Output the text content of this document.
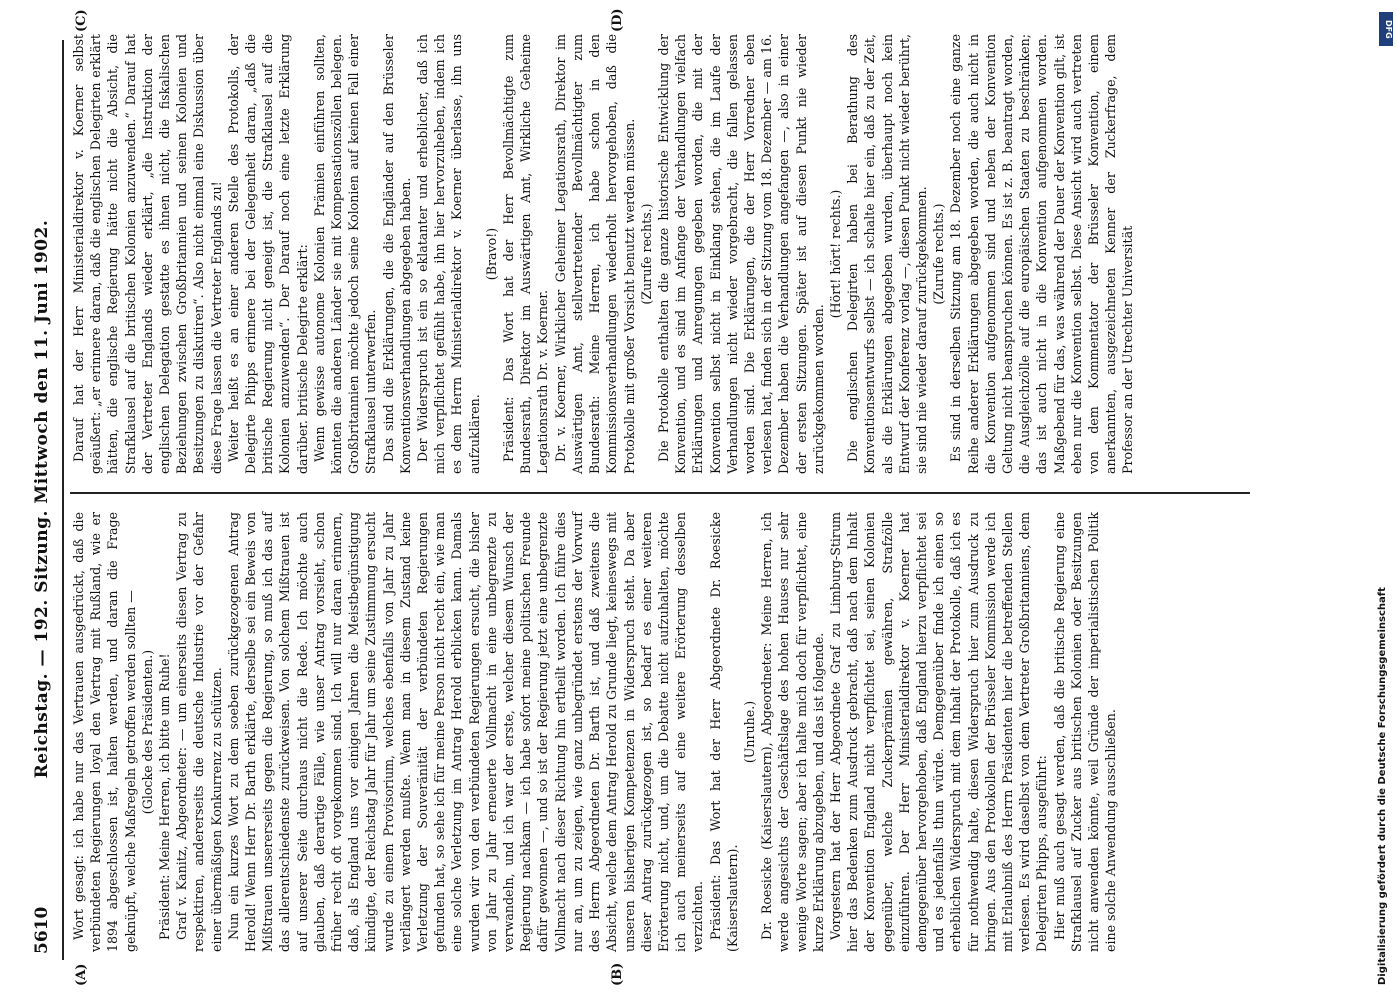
5610
Reichstag. — 192. Sitzung. Mittwoch den 11. Juni 1902.
(A)	(B)
(C)	(D)

Wort gesagt: ich habe nur das Vertrauen ausgedrückt, daß die verbündeten Regierungen loyal den Vertrag mit Rußland, wie er 1894 abgeschlossen ist, halten werden, und daran die Frage geknüpft, welche Maßregeln getroffen werden sollten — (Glocke des Präsidenten.) Präsident: Meine Herren, ich bitte um Ruhe! Graf v. Kanitz, Abgeordneter: — um einerseits diesen Vertrag zu respektiren, andererseits die deutsche Industrie vor der Gefahr einer übermäßigen Konkurrenz zu schützen. Nun ein kurzes Wort zu dem soeben zurückgezogenen Antrag Herold! Wenn Herr Dr. Barth erklärte, derselbe sei ein Beweis von Mißtrauen unsererseits gegen die Regierung, so muß ich das auf das allerentschiedenste zurückweisen. Von solchem Mißtrauen ist auf unserer Seite durchaus nicht die Rede. Ich möchte auch glauben, daß derartige Fälle, wie unser Antrag vorsieht, schon früher recht oft vorgekommen sind. Ich will nur daran erinnern, daß, als England uns vor einigen Jahren die Meistbegünstigung kündigte, der Reichstag Jahr für Jahr um seine Zustimmung ersucht wurde zu einem Provisorium, welches ebenfalls von Jahr zu Jahr verlängert werden mußte. Wenn man in diesem Zustand keine Verletzung der Souveränität der verbündeten Regierungen gefunden hat, so sehe ich für meine Person nicht recht ein, wie man eine solche Verletzung im Antrag Herold erblicken kann. Damals wurden wir von den verbündeten Regierungen ersucht, die bisher von Jahr zu Jahr erneuerte Vollmacht in eine unbegrenzte zu verwandeln, und ich war der erste, welcher diesem Wunsch der Regierung nachkam — ich habe sofort meine politischen Freunde dafür gewonnen —, und so ist der Regierung jetzt eine unbegrenzte Vollmacht nach dieser Richtung hin ertheilt worden. Ich führe dies nur an, um zu zeigen, wie ganz unbegründet erstens der Vorwurf des Herrn Abgeordneten Dr. Barth ist, und daß zweitens die Absicht, welche dem Antrag Herold zu Grunde liegt, keineswegs mit unseren bisherigen Kompetenzen in Widerspruch steht. Da aber dieser Antrag zurückgezogen ist, so bedarf es einer weiteren Erörterung nicht, und, um die Debatte nicht aufzuhalten, möchte ich auch meinerseits auf eine weitere Erörterung desselben verzichten. Präsident: Das Wort hat der Herr Abgeordnete Dr. Roesicke (Kaiserslautern).

(Unruhe.) Dr. Roesicke (Kaiserslautern), Abgeordneter: Meine Herren, ich werde angesichts der Geschäftslage des hohen Hauses nur sehr wenige Worte sagen; aber ich halte mich doch für verpflichtet, eine kurze Erklärung abzugeben, und das ist folgende. Vorgestern hat der Herr Abgeordnete Graf zu Limburg-Stirum hier das Bedenken zum Ausdruck gebracht, daß nach dem Inhalt der Konvention England nicht verpflichtet sei, seinen Kolonien gegenüber, welche Zuckerprämien gewähren, Strafzölle einzuführen. Der Herr Ministerialdirektor v. Koerner hat demgegenüber hervorgehoben, daß England hierzu verpflichtet sei und es jedenfalls thun würde. Demgegenüber finde ich einen so erheblichen Widerspruch mit dem Inhalt der Protokolle, daß ich es für nothwendig halte, diesen Widerspruch hier zum Ausdruck zu bringen. Aus den Protokollen der Brüsseler Kommission werde ich mit Erlaubniß des Herrn Präsidenten hier die betreffenden Stellen verlesen. Es wird daselbst von dem Vertreter Großbritanniens, dem Delegirten Phipps, ausgeführt: Hier muß auch gesagt werden, daß die britische Regierung eine Strafklausel auf Zucker aus britischen Kolonien oder Besitzungen nicht anwenden könnte, weil Gründe der imperialistischen Politik eine solche Anwendung ausschließen.

Darauf hat der Herr Ministerialdirektor v. Koerner selbst geäußert: „er erinnere daran, daß die englischen Delegirten erklärt hätten, die englische Regierung hätte nicht die Absicht, die Strafklausel auf die britischen Kolonien anzuwenden.“ Darauf hat der Vertreter Englands wieder erklärt, „die Instruktion der englischen Delegation gestatte es ihnen nicht, die fiskalischen Beziehungen zwischen Großbritannien und seinen Kolonien und Besitzungen zu diskutiren“. Also nicht einmal eine Diskussion über diese Frage lassen die Vertreter Englands zu! Weiter heißt es an einer anderen Stelle des Protokolls, der Delegirte Phipps erinnere bei der Gelegenheit daran, „daß die britische Regierung nicht geneigt ist, die Strafklausel auf die Kolonien anzuwenden“. Der Darauf noch eine letzte Erklärung darüber. britische Delegirte erklärt: Wenn gewisse autonome Kolonien Prämien einführen sollten, könnten die anderen Länder sie mit Kompensationszöllen belegen. Großbritannien möchte jedoch seine Kolonien auf keinen Fall einer Strafklausel unterwerfen. Das sind die Erklärungen, die die Engländer auf den Brüsseler Konventionsverhandlungen abgegeben haben. Der Widerspruch ist ein so eklatanter und erheblicher, daß ich mich verpflichtet gefühlt habe, ihn hier hervorzuheben, indem ich es dem Herrn Ministerialdirektor v. Koerner überlasse, ihn uns aufzuklären.

(Bravo!) Präsident: Das Wort hat der Herr Bevollmächtigte zum Bundesrath, Direktor im Auswärtigen Amt, Wirkliche Geheime Legationsrath Dr. v. Koerner. Dr. v. Koerner, Wirklicher Geheimer Legationsrath, Direktor im Auswärtigen Amt, stellvertretender Bevollmächtigter zum Bundesrath: Meine Herren, ich habe schon in den Kommissionsverhandlungen wiederholt hervorgehoben, daß die Protokolle mit großer Vorsicht benutzt werden müssen. (Zurufe rechts.) Die Protokolle enthalten die ganze historische Entwicklung der Konvention, und es sind im Anfange der Verhandlungen vielfach Erklärungen und Anregungen gegeben worden, die mit der Konvention selbst nicht in Einklang stehen, die im Laufe der Verhandlungen nicht wieder vorgebracht, die fallen gelassen worden sind. Die Erklärungen, die der Herr Vorredner eben verlesen hat, finden sich in der Sitzung vom 18. Dezember — am 16. Dezember haben die Verhandlungen angefangen —, also in einer der ersten Sitzungen. Später ist auf diesen Punkt nie wieder zurückgekommen worden.

(Hört! hört! rechts.) Die englischen Delegirten haben bei Berathung des Konventionsentwurfs selbst — ich schalte hier ein, daß zu der Zeit, als die Erklärungen abgegeben wurden, überhaupt noch kein Entwurf der Konferenz vorlag —, diesen Punkt nicht wieder berührt, sie sind nie wieder darauf zurückgekommen. (Zurufe rechts.) Es sind in derselben Sitzung am 18. Dezember noch eine ganze Reihe anderer Erklärungen abgegeben worden, die auch nicht in die Konvention aufgenommen sind und neben der Konvention Geltung nicht beanspruchen können. Es ist z. B. beantragt worden, die Ausgleichzölle auf die europäischen Staaten zu beschränken; das ist auch nicht in die Konvention aufgenommen worden. Maßgebend für das, was während der Dauer der Konvention gilt, ist eben nur die Konvention selbst. Diese Ansicht wird auch vertreten von dem Kommentator der Brüsseler Konvention, einem anerkannten, ausgezeichneten Kenner der Zuckerfrage, dem Professor an der Utrechter Universität

DFG
Digitalisierung gefördert durch die Deutsche Forschungsgemeinschaft
